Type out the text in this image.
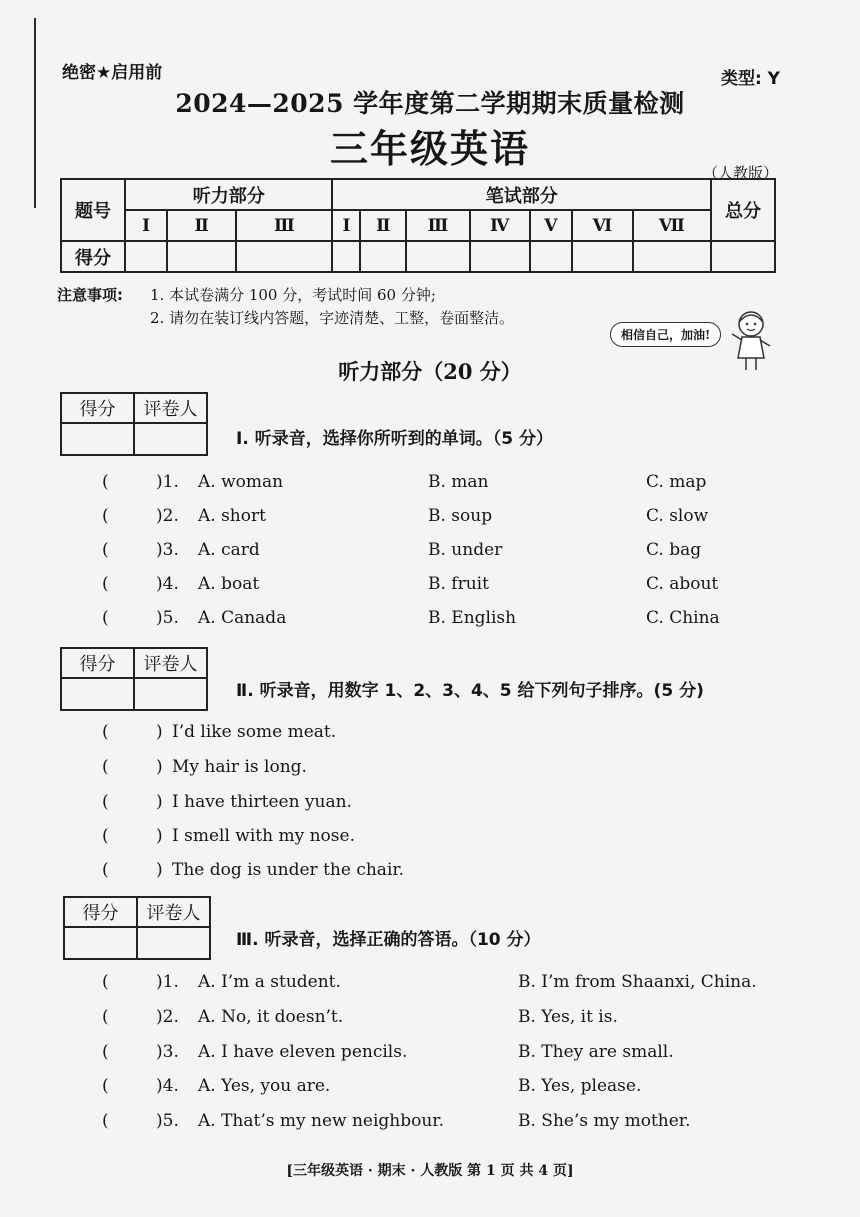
绝密★启用前	类型: Y
2024—2025 学年度第二学期期末质量检测
三年级英语
（人教版）
题号	听力部分			笔试部分							总分
	Ⅰ	Ⅱ	Ⅲ	Ⅰ	Ⅱ	Ⅲ	Ⅳ	Ⅴ	Ⅵ	Ⅶ	
得分											
注意事项: 1. 本试卷满分 100 分，考试时间 60 分钟;
2. 请勿在装订线内答题，字迹清楚、工整，卷面整洁。
相信自己，加油!
听力部分（20 分）
得分	评卷人

Ⅰ. 听录音，选择你所听到的单词。（5 分）
(	)1. A. woman	B. man	C. map
(	)2. A. short	B. soup	C. slow
(	)3. A. card	B. under	C. bag
(	)4. A. boat	B. fruit	C. about
(	)5. A. Canada	B. English	C. China
得分	评卷人

Ⅱ. 听录音，用数字 1、2、3、4、5 给下列句子排序。(5 分)
(	) I’d like some meat.
(	) My hair is long.
(	) I have thirteen yuan.
(	) I smell with my nose.
(	) The dog is under the chair.
得分	评卷人

Ⅲ. 听录音，选择正确的答语。（10 分）
(	)1. A. I’m a student.	B. I’m from Shaanxi, China.
(	)2. A. No, it doesn’t.	B. Yes, it is.
(	)3. A. I have eleven pencils.	B. They are small.
(	)4. A. Yes, you are.	B. Yes, please.
(	)5. A. That’s my new neighbour.	B. She’s my mother.
[三年级英语 · 期末 · 人教版 第 1 页 共 4 页]
